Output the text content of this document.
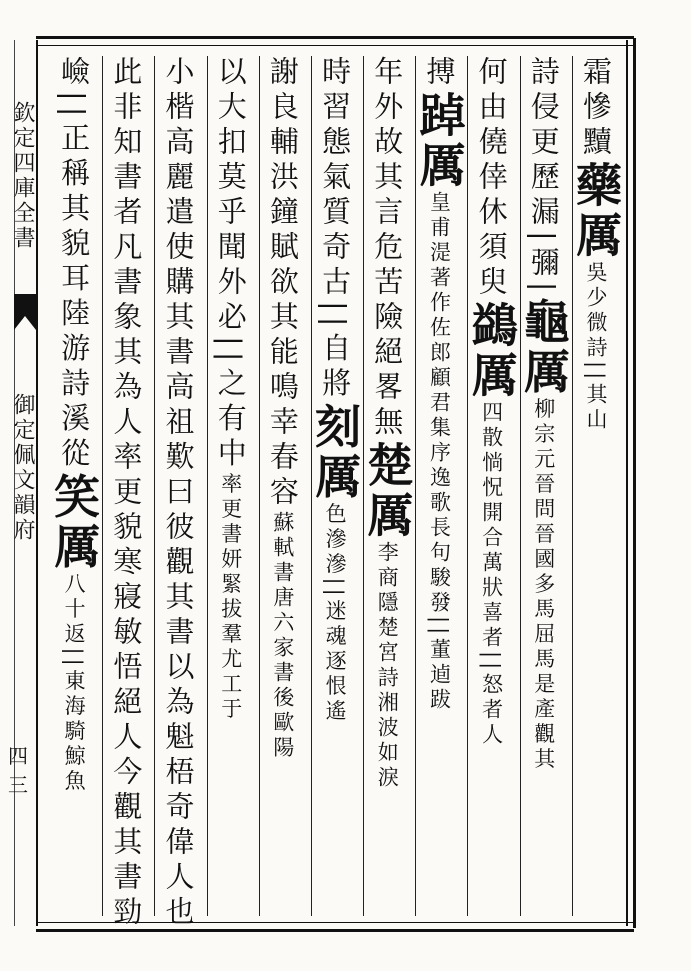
欽定四庫全書
御定佩文韻府
四三
霜慘黷藥厲吳少微詩||其山
詩侵更歷漏|彌|龜厲柳宗元晉問晉國多馬屈馬是產觀其
何由僥倖休須臾鷁厲四散惝怳開合萬狀喜者||怒者人
搏踔厲皇甫湜著作佐郎顧君集序逸歌長句駿發||董逌跋
年外故其言危苦險絕畧無楚厲李商隱楚宮詩湘波如淚
時習態氣質奇古||自將刻厲色滲滲||迷魂逐恨遙
謝良輔洪鐘賦欲其能鳴幸春容蘇軾書唐六家書後歐陽
以大扣莫乎聞外必||之有中率更書妍緊拔羣尤工于
小楷高麗遣使購其書高祖歎曰彼觀其書以為魁梧奇偉人也
此非知書者凡書象其為人率更貌寒寢敏悟絕人今觀其書勁
嶮||正稱其貌耳陸游詩溪從笑厲八十返||東海騎鯨魚
